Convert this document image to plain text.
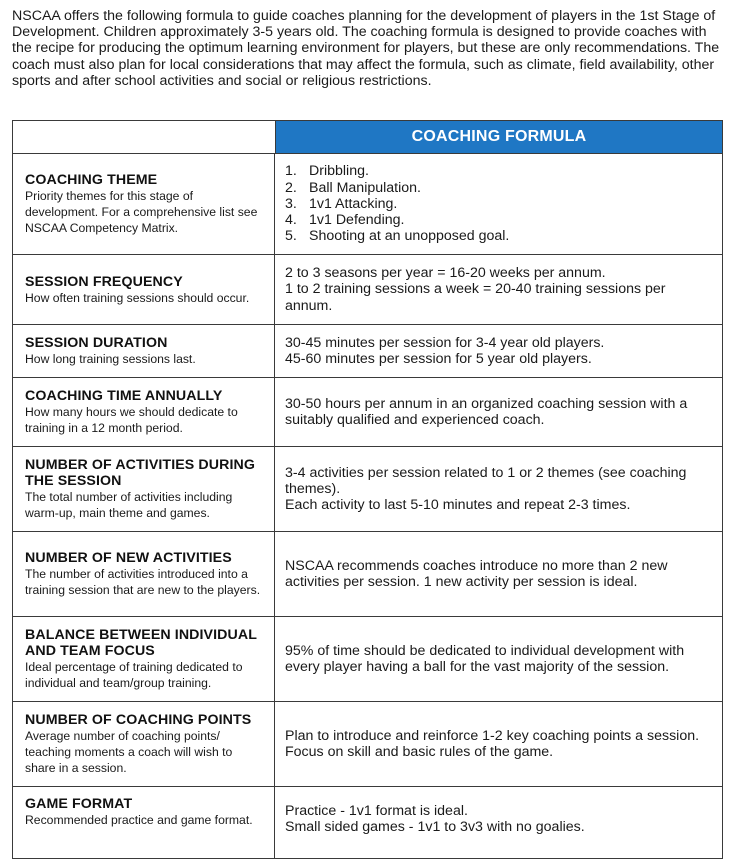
NSCAA offers the following formula to guide coaches planning for the development of players in the 1st Stage of Development. Children approximately 3-5 years old. The coaching formula is designed to provide coaches with the recipe for producing the optimum learning environment for players, but these are only recommendations. The coach must also plan for local considerations that may affect the formula, such as climate, field availability, other sports and after school activities and social or religious restrictions.
COACHING FORMULA
COACHING THEME
Priority themes for this stage of development. For a comprehensive list see NSCAA Competency Matrix.
1. Dribbling.
2. Ball Manipulation.
3. 1v1 Attacking.
4. 1v1 Defending.
5. Shooting at an unopposed goal.
SESSION FREQUENCY
How often training sessions should occur.
2 to 3 seasons per year = 16-20 weeks per annum.
1 to 2 training sessions a week = 20-40 training sessions per annum.
SESSION DURATION
How long training sessions last.
30-45 minutes per session for 3-4 year old players.
45-60 minutes per session for 5 year old players.
COACHING TIME ANNUALLY
How many hours we should dedicate to training in a 12 month period.
30-50 hours per annum in an organized coaching session with a suitably qualified and experienced coach.
NUMBER OF ACTIVITIES DURING THE SESSION
The total number of activities including warm-up, main theme and games.
3-4 activities per session related to 1 or 2 themes (see coaching themes).
Each activity to last 5-10 minutes and repeat 2-3 times.
NUMBER OF NEW ACTIVITIES
The number of activities introduced into a training session that are new to the players.
NSCAA recommends coaches introduce no more than 2 new activities per session. 1 new activity per session is ideal.
BALANCE BETWEEN INDIVIDUAL AND TEAM FOCUS
Ideal percentage of training dedicated to individual and team/group training.
95% of time should be dedicated to individual development with every player having a ball for the vast majority of the session.
NUMBER OF COACHING POINTS
Average number of coaching points/ teaching moments a coach will wish to share in a session.
Plan to introduce and reinforce 1-2 key coaching points a session. Focus on skill and basic rules of the game.
GAME FORMAT
Recommended practice and game format.
Practice - 1v1 format is ideal.
Small sided games - 1v1 to 3v3 with no goalies.
